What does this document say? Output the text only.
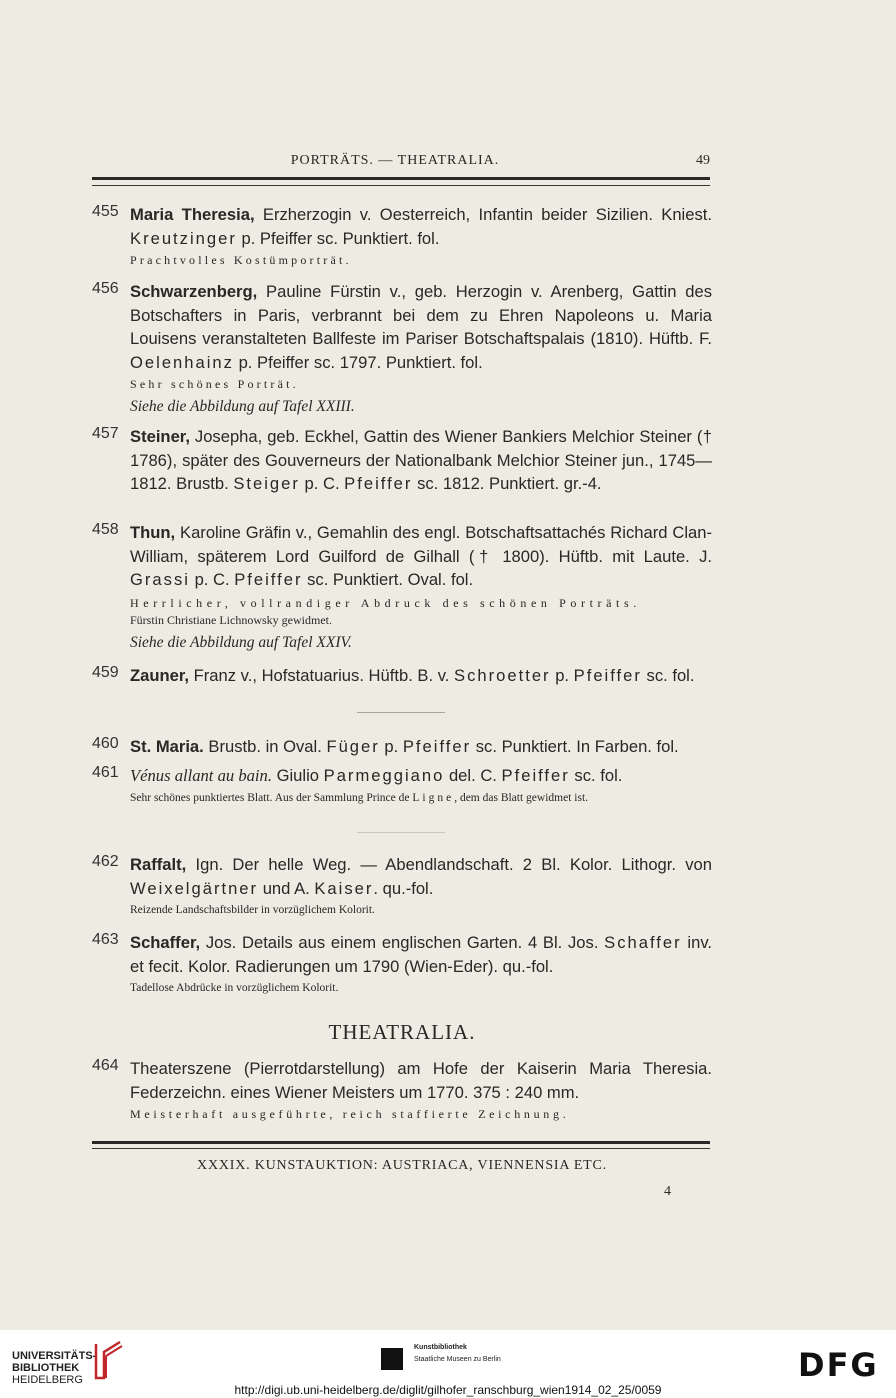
PORTRÄTS. — THEATRALIA.	49
455 Maria Theresia, Erzherzogin v. Oesterreich, Infantin beider Sizilien. Kniest. Kreutzinger p. Pfeiffer sc. Punktiert. fol.
Prachtvolles Kostümporträt.
456 Schwarzenberg, Pauline Fürstin v., geb. Herzogin v. Arenberg, Gattin des Botschafters in Paris, verbrannt bei dem zu Ehren Napoleons u. Maria Louisens veranstalteten Ballfeste im Pariser Botschaftspalais (1810). Hüftb. F. Oelenhainz p. Pfeiffer sc. 1797. Punktiert. fol.
Sehr schönes Porträt.
Siehe die Abbildung auf Tafel XXIII.
457 Steiner, Josepha, geb. Eckhel, Gattin des Wiener Bankiers Melchior Steiner († 1786), später des Gouverneurs der Nationalbank Melchior Steiner jun., 1745—1812. Brustb. Steiger p. C. Pfeiffer sc. 1812. Punktiert. gr.-4.
458 Thun, Karoline Gräfin v., Gemahlin des engl. Botschaftsattachés Richard Clan-William, späterem Lord Guilford de Gilhall († 1800). Hüftb. mit Laute. J. Grassi p. C. Pfeiffer sc. Punktiert. Oval. fol.
Herrlicher, vollrandiger Abdruck des schönen Porträts.
Fürstin Christiane Lichnowsky gewidmet.
Siehe die Abbildung auf Tafel XXIV.
459 Zauner, Franz v., Hofstatuarius. Hüftb. B. v. Schroetter p. Pfeiffer sc. fol.
460 St. Maria. Brustb. in Oval. Füger p. Pfeiffer sc. Punktiert. In Farben. fol.
461 Vénus allant au bain. Giulio Parmeggiano del. C. Pfeiffer sc. fol.
Sehr schönes punktiertes Blatt. Aus der Sammlung Prince de Ligne, dem das Blatt gewidmet ist.
462 Raffalt, Ign. Der helle Weg. — Abendlandschaft. 2 Bl. Kolor. Lithogr. von Weixelgärtner und A. Kaiser. qu.-fol.
Reizende Landschaftsbilder in vorzüglichem Kolorit.
463 Schaffer, Jos. Details aus einem englischen Garten. 4 Bl. Jos. Schaffer inv. et fecit. Kolor. Radierungen um 1790 (Wien-Eder). qu.-fol.
Tadellose Abdrücke in vorzüglichem Kolorit.
THEATRALIA.
464 Theaterszene (Pierrotdarstellung) am Hofe der Kaiserin Maria Theresia. Federzeichn. eines Wiener Meisters um 1770. 375 : 240 mm.
Meisterhaft ausgeführte, reich staffierte Zeichnung.
XXXIX. KUNSTAUKTION: AUSTRIACA, VIENNENSIA ETC.
4
UNIVERSITÄTS-
BIBLIOTHEK
HEIDELBERG
Kunstbibliothek
Staatliche Museen zu Berlin	DFG
http://digi.ub.uni-heidelberg.de/diglit/gilhofer_ranschburg_wien1914_02_25/0059
